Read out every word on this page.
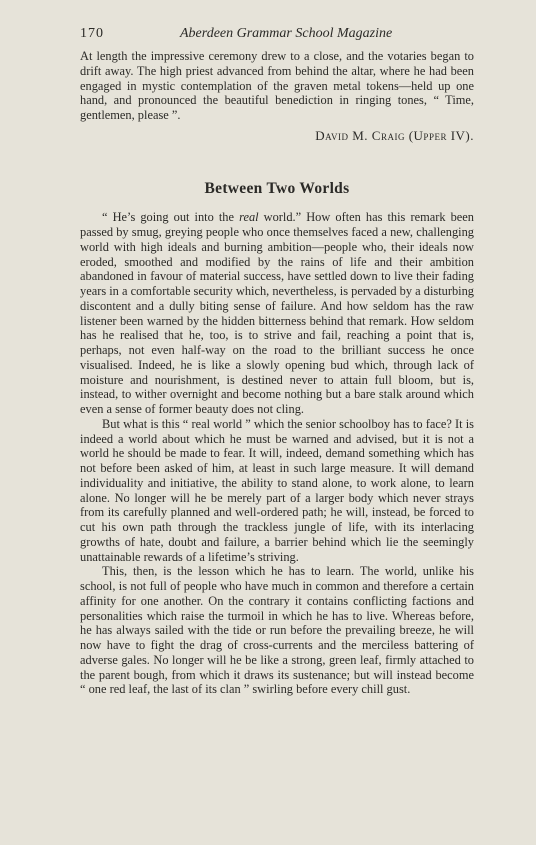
170	Aberdeen Grammar School Magazine

At length the impressive ceremony drew to a close, and the votaries began to drift away. The high priest advanced from behind the altar, where he had been engaged in mystic contemplation of the graven metal tokens—held up one hand, and pronounced the beautiful benediction in ringing tones, “ Time, gentlemen, please ”.

David M. Craig (Upper IV).
Between Two Worlds

“ He’s going out into the real world.” How often has this remark been passed by smug, greying people who once themselves faced a new, challenging world with high ideals and burning ambition—people who, their ideals now eroded, smoothed and modified by the rains of life and their ambition abandoned in favour of material success, have settled down to live their fading years in a comfortable security which, nevertheless, is pervaded by a disturbing discontent and a dully biting sense of failure. And how seldom has the raw listener been warned by the hidden bitterness behind that remark. How seldom has he realised that he, too, is to strive and fail, reaching a point that is, perhaps, not even half-way on the road to the brilliant success he once visualised. Indeed, he is like a slowly opening bud which, through lack of moisture and nourishment, is destined never to attain full bloom, but is, instead, to wither overnight and become nothing but a bare stalk around which even a sense of former beauty does not cling.

But what is this “ real world ” which the senior schoolboy has to face? It is indeed a world about which he must be warned and advised, but it is not a world he should be made to fear. It will, indeed, demand something which has not before been asked of him, at least in such large measure. It will demand individuality and initiative, the ability to stand alone, to work alone, to learn alone. No longer will he be merely part of a larger body which never strays from its carefully planned and well-ordered path; he will, instead, be forced to cut his own path through the trackless jungle of life, with its interlacing growths of hate, doubt and failure, a barrier behind which lie the seemingly unattainable rewards of a lifetime’s striving.

This, then, is the lesson which he has to learn. The world, unlike his school, is not full of people who have much in common and therefore a certain affinity for one another. On the contrary it contains conflicting factions and personalities which raise the turmoil in which he has to live. Whereas before, he has always sailed with the tide or run before the prevailing breeze, he will now have to fight the drag of cross-currents and the merciless battering of adverse gales. No longer will he be like a strong, green leaf, firmly attached to the parent bough, from which it draws its sustenance; but will instead become “ one red leaf, the last of its clan ” swirling before every chill gust.
